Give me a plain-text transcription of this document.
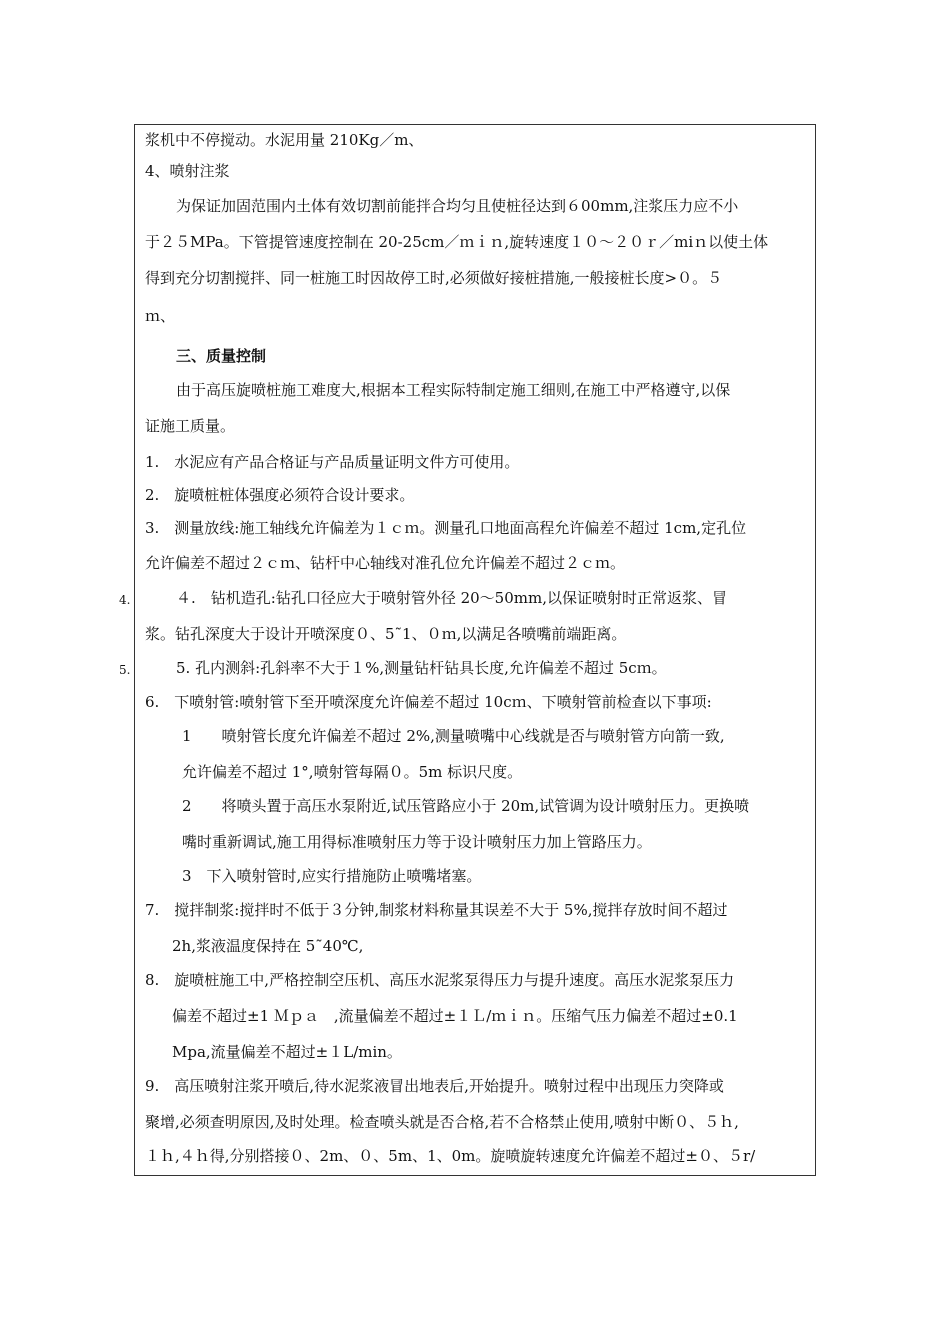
浆机中不停搅动。水泥用量 210Kg／m、
4、喷射注浆
为保证加固范围内土体有效切割前能拌合均匀且使桩径达到６00mm,注浆压力应不小
于２５MPa。下管提管速度控制在 20-25cm／ｍｉｎ,旋转速度１０～２０ｒ／miｎ以使土体
得到充分切割搅拌、同一桩施工时因故停工时,必须做好接桩措施,一般接桩长度>０。５
ｍ、
三、质量控制
由于高压旋喷桩施工难度大,根据本工程实际特制定施工细则,在施工中严格遵守,以保
证施工质量。
1.　水泥应有产品合格证与产品质量证明文件方可使用。
2.　旋喷桩桩体强度必须符合设计要求。
3.　测量放线:施工轴线允许偏差为１ｃｍ。测量孔口地面高程允许偏差不超过 1cm,定孔位
允许偏差不超过２ｃｍ、钻杆中心轴线对准孔位允许偏差不超过２ｃｍ。
4.	４.　钻机造孔:钻孔口径应大于喷射管外径 20～50mm,以保证喷射时正常返浆、冒
浆。钻孔深度大于设计开喷深度０、5˜1、０ｍ,以满足各喷嘴前端距离。
5.	5. 孔内测斜:孔斜率不大于１%,测量钻杆钻具长度,允许偏差不超过 5cｍ。
6.　下喷射管:喷射管下至开喷深度允许偏差不超过 10cｍ、下喷射管前检查以下事项:
1　　喷射管长度允许偏差不超过 2%,测量喷嘴中心线就是否与喷射管方向箭一致,
允许偏差不超过 1°,喷射管每隔０。5m 标识尺度。
2　　将喷头置于高压水泵附近,试压管路应小于 20m,试管调为设计喷射压力。更换喷
嘴时重新调试,施工用得标准喷射压力等于设计喷射压力加上管路压力。
3　下入喷射管时,应实行措施防止喷嘴堵塞。
7.　搅拌制浆:搅拌时不低于３分钟,制浆材料称量其误差不大于 5%,搅拌存放时间不超过
2h,浆液温度保持在 5˜40℃,
8.　旋喷桩施工中,严格控制空压机、高压水泥浆泵得压力与提升速度。高压水泥浆泵压力
偏差不超过±1 Ｍｐａ　,流量偏差不超过±１Ｌ/ｍｉｎ。压缩气压力偏差不超过±0.1
Mpa,流量偏差不超过±１L/min。
9.　高压喷射注浆开喷后,待水泥浆液冒出地表后,开始提升。喷射过程中出现压力突降或
聚增,必须查明原因,及时处理。检查喷头就是否合格,若不合格禁止使用,喷射中断０、５ｈ,
１ｈ,４ｈ得,分别搭接０、2m、０、5m、1、0m。旋喷旋转速度允许偏差不超过±０、５r/
